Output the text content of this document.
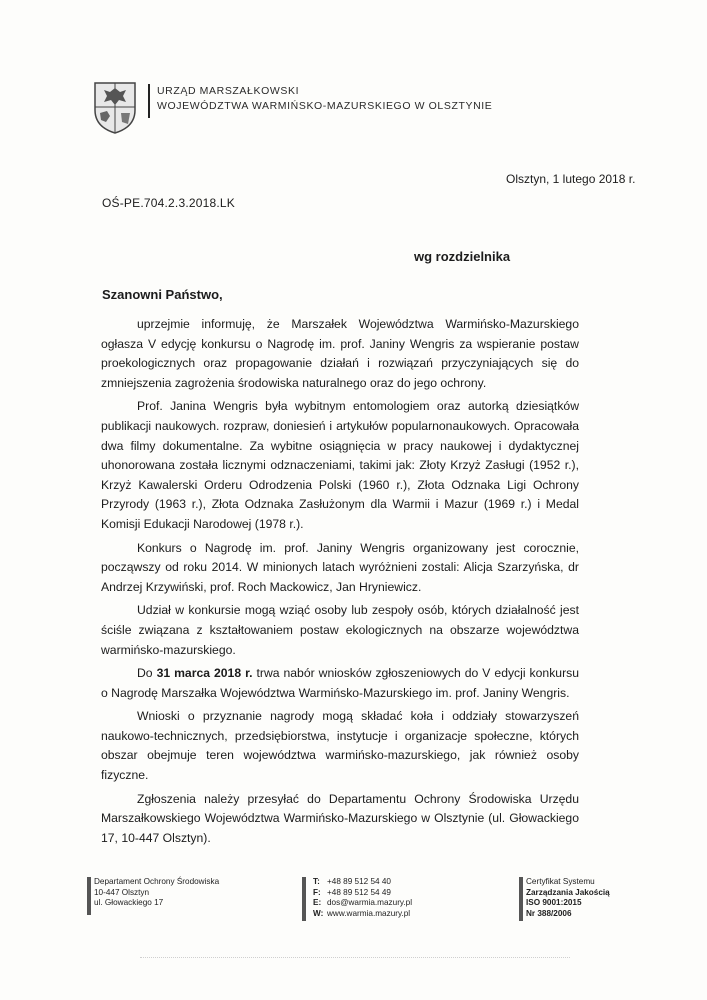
URZĄD MARSZAŁKOWSKI
WOJEWÓDZTWA WARMIŃSKO-MAZURSKIEGO W OLSZTYNIE
Olsztyn, 1 lutego 2018 r.
OŚ-PE.704.2.3.2018.LK
wg rozdzielnika
Szanowni Państwo,

uprzejmie informuję, że Marszałek Województwa Warmińsko-Mazurskiego ogłasza V edycję konkursu o Nagrodę im. prof. Janiny Wengris za wspieranie postaw proekologicznych oraz propagowanie działań i rozwiązań przyczyniających się do zmniejszenia zagrożenia środowiska naturalnego oraz do jego ochrony.

Prof. Janina Wengris była wybitnym entomologiem oraz autorką dziesiątków publikacji naukowych. rozpraw, doniesień i artykułów popularnonaukowych. Opracowała dwa filmy dokumentalne. Za wybitne osiągnięcia w pracy naukowej i dydaktycznej uhonorowana została licznymi odznaczeniami, takimi jak: Złoty Krzyż Zasługi (1952 r.), Krzyż Kawalerski Orderu Odrodzenia Polski (1960 r.), Złota Odznaka Ligi Ochrony Przyrody (1963 r.), Złota Odznaka Zasłużonym dla Warmii i Mazur (1969 r.) i Medal Komisji Edukacji Narodowej (1978 r.).

Konkurs o Nagrodę im. prof. Janiny Wengris organizowany jest corocznie, począwszy od roku 2014. W minionych latach wyróżnieni zostali: Alicja Szarzyńska, dr Andrzej Krzywiński, prof. Roch Mackowicz, Jan Hryniewicz.

Udział w konkursie mogą wziąć osoby lub zespoły osób, których działalność jest ściśle związana z kształtowaniem postaw ekologicznych na obszarze województwa warmińsko-mazurskiego.

Do 31 marca 2018 r. trwa nabór wniosków zgłoszeniowych do V edycji konkursu o Nagrodę Marszałka Województwa Warmińsko-Mazurskiego im. prof. Janiny Wengris.

Wnioski o przyznanie nagrody mogą składać koła i oddziały stowarzyszeń naukowo-technicznych, przedsiębiorstwa, instytucje i organizacje społeczne, których obszar obejmuje teren województwa warmińsko-mazurskiego, jak również osoby fizyczne.

Zgłoszenia należy przesyłać do Departamentu Ochrony Środowiska Urzędu Marszałkowskiego Województwa Warmińsko-Mazurskiego w Olsztynie (ul. Głowackiego 17, 10-447 Olsztyn).

Departament Ochrony Środowiska
10-447 Olsztyn
ul. Głowackiego 17
T:
F:
E:
W:
+48 89 512 54 40
+48 89 512 54 49
dos@warmia.mazury.pl
www.warmia.mazury.pl
Certyfikat Systemu
Zarządzania Jakością
ISO 9001:2015
Nr 388/2006
